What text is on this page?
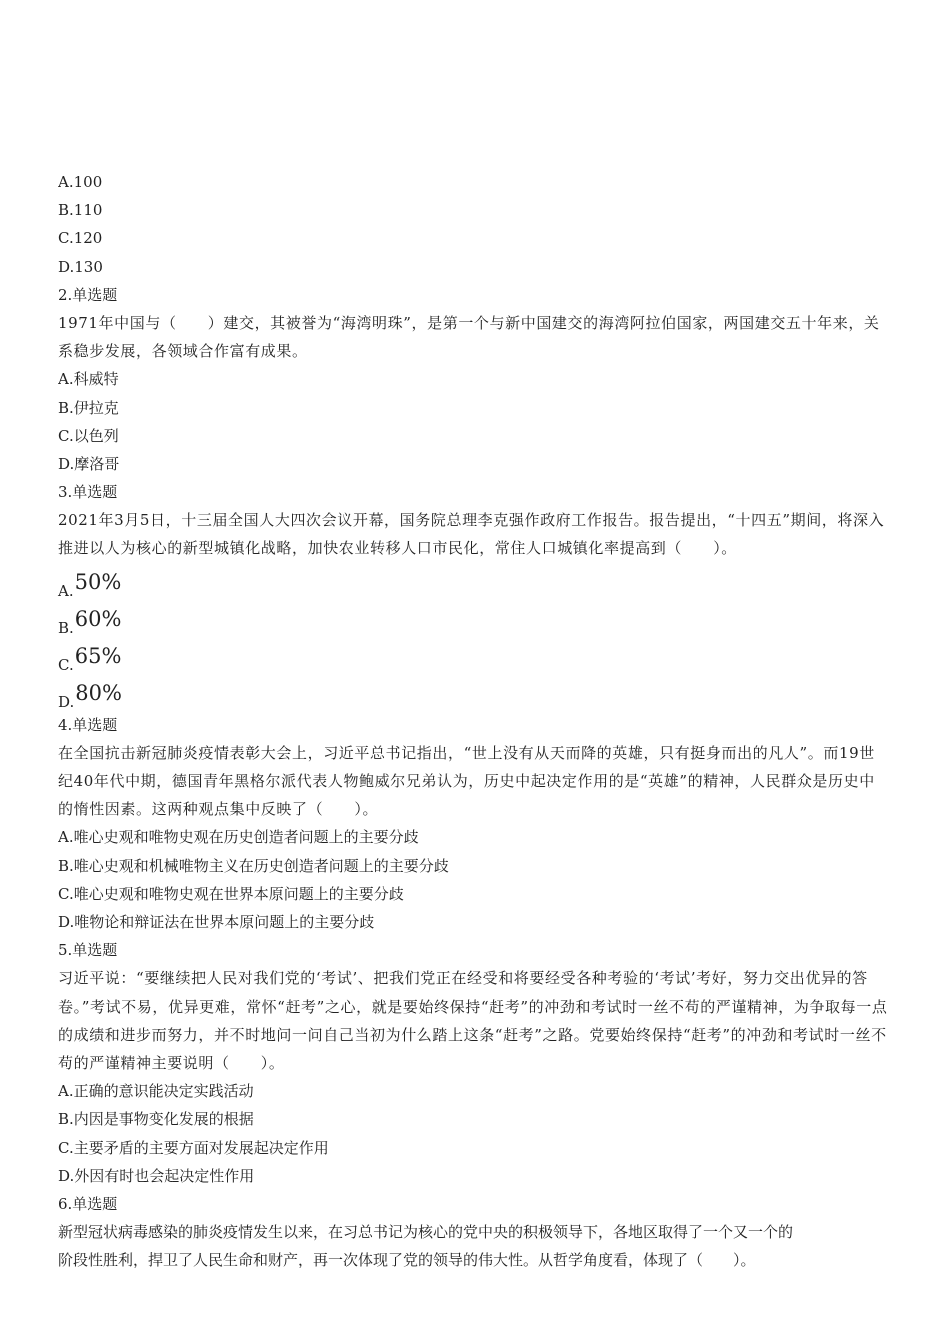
A.100
B.110
C.120
D.130
2.单选题
1971年中国与（　　）建交，其被誉为“海湾明珠”，是第一个与新中国建交的海湾阿拉伯国家，两国建交五十年来，关系稳步发展，各领域合作富有成果。
A.科威特
B.伊拉克
C.以色列
D.摩洛哥
3.单选题
2021年3月5日，十三届全国人大四次会议开幕，国务院总理李克强作政府工作报告。报告提出，“十四五”期间，将深入推进以人为核心的新型城镇化战略，加快农业转移人口市民化，常住人口城镇化率提高到（　　）。
A. 50%
B. 60%
C. 65%
D. 80%
4.单选题
在全国抗击新冠肺炎疫情表彰大会上，习近平总书记指出，“世上没有从天而降的英雄，只有挺身而出的凡人”。而19世纪40年代中期，德国青年黑格尔派代表人物鲍威尔兄弟认为，历史中起决定作用的是“英雄”的精神，人民群众是历史中的惰性因素。这两种观点集中反映了（　　）。
A.唯心史观和唯物史观在历史创造者问题上的主要分歧
B.唯心史观和机械唯物主义在历史创造者问题上的主要分歧
C.唯心史观和唯物史观在世界本原问题上的主要分歧
D.唯物论和辩证法在世界本原问题上的主要分歧
5.单选题
习近平说：“要继续把人民对我们党的‘考试’、把我们党正在经受和将要经受各种考验的‘考试’考好，努力交出优异的答卷。”考试不易，优异更难，常怀“赶考”之心，就是要始终保持“赶考”的冲劲和考试时一丝不苟的严谨精神，为争取每一点的成绩和进步而努力，并不时地问一问自己当初为什么踏上这条“赶考”之路。党要始终保持“赶考”的冲劲和考试时一丝不苟的严谨精神主要说明（　　）。
A.正确的意识能决定实践活动
B.内因是事物变化发展的根据
C.主要矛盾的主要方面对发展起决定作用
D.外因有时也会起决定性作用
6.单选题
新型冠状病毒感染的肺炎疫情发生以来，在习总书记为核心的党中央的积极领导下，各地区取得了一个又一个的
阶段性胜利，捍卫了人民生命和财产，再一次体现了党的领导的伟大性。从哲学角度看，体现了（　　）。
